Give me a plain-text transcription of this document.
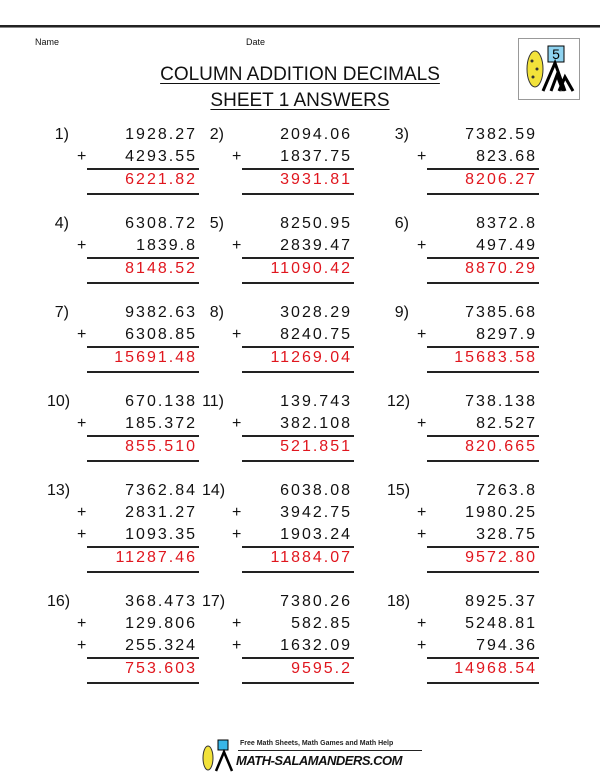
Name	Date
5
COLUMN ADDITION DECIMALS
SHEET 1 ANSWERS
1)	1928.27
+ 4293.55
6221.82
2)	2094.06
+ 1837.75
3931.81
3)	7382.59
+	823.68
8206.27
4)	6308.72
+	1839.8
8148.52
5)	8250.95
+ 2839.47
11090.42
6)	8372.8
+	497.49
8870.29
7)	9382.63
+ 6308.85
15691.48
8)	3028.29
+ 8240.75
11269.04
9)	7385.68
+	8297.9
15683.58
10)	670.138
+ 185.372
855.510
11)	139.743
+ 382.108
521.851
12)	738.138
+	82.527
820.665
13)	7362.84
+ 2831.27
+ 1093.35
11287.46
14)	6038.08
+ 3942.75
+ 1903.24
11884.07
15)	7263.8
+ 1980.25
+	328.75
9572.80
16)	368.473
+ 129.806
+ 255.324
753.603
17)	7380.26
+	582.85
+ 1632.09
9595.2
18)	8925.37
+ 5248.81
+	794.36
14968.54
Free Math Sheets, Math Games and Math Help
MATH-SALAMANDERS.COM
